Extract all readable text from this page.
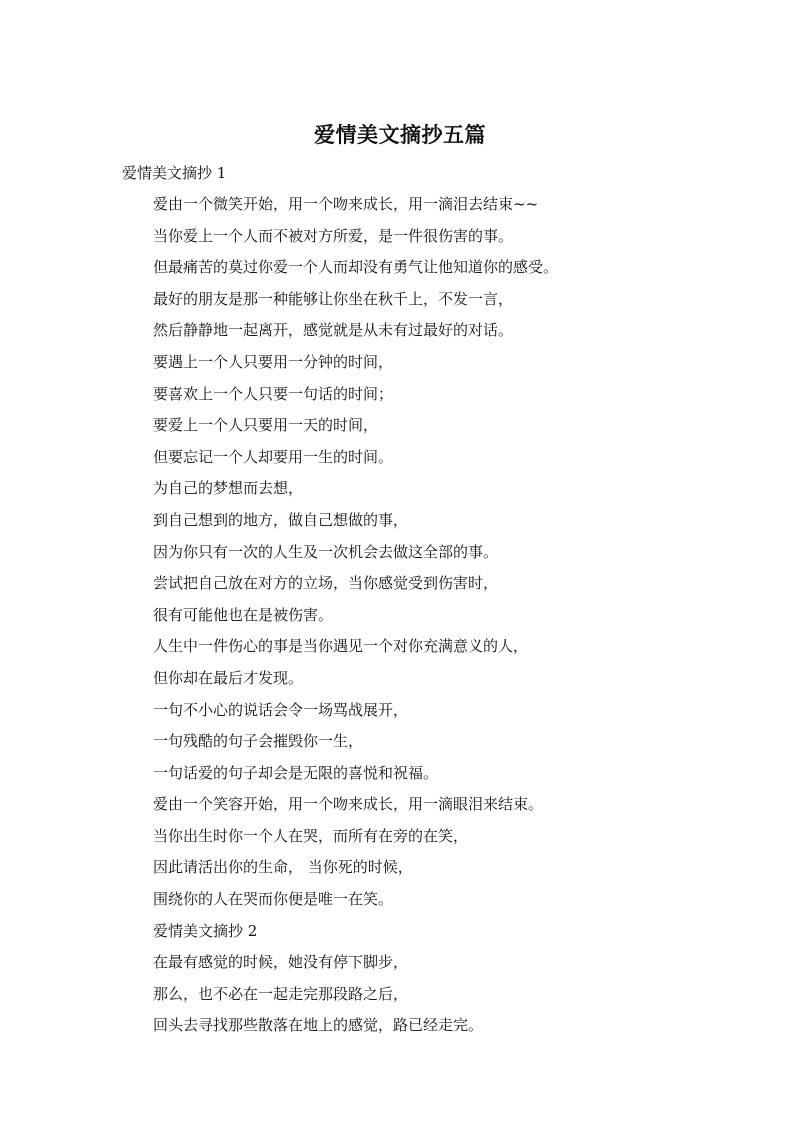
爱情美文摘抄五篇
爱情美文摘抄 1
爱由一个微笑开始，用一个吻来成长，用一滴泪去结束~~
当你爱上一个人而不被对方所爱，是一件很伤害的事。
但最痛苦的莫过你爱一个人而却没有勇气让他知道你的感受。
最好的朋友是那一种能够让你坐在秋千上，不发一言，
然后静静地一起离开，感觉就是从未有过最好的对话。
要遇上一个人只要用一分钟的时间，
要喜欢上一个人只要一句话的时间；
要爱上一个人只要用一天的时间，
但要忘记一个人却要用一生的时间。
为自己的梦想而去想，
到自己想到的地方，做自己想做的事，
因为你只有一次的人生及一次机会去做这全部的事。
尝试把自己放在对方的立场，当你感觉受到伤害时，
很有可能他也在是被伤害。
人生中一件伤心的事是当你遇见一个对你充满意义的人，
但你却在最后才发现。
一句不小心的说话会令一场骂战展开，
一句残酷的句子会摧毁你一生，
一句话爱的句子却会是无限的喜悦和祝福。
爱由一个笑容开始，用一个吻来成长，用一滴眼泪来结束。
当你出生时你一个人在哭，而所有在旁的在笑，
因此请活出你的生命， 当你死的时候，
围绕你的人在哭而你便是唯一在笑。
爱情美文摘抄 2
在最有感觉的时候，她没有停下脚步，
那么，也不必在一起走完那段路之后，
回头去寻找那些散落在地上的感觉，路已经走完。
